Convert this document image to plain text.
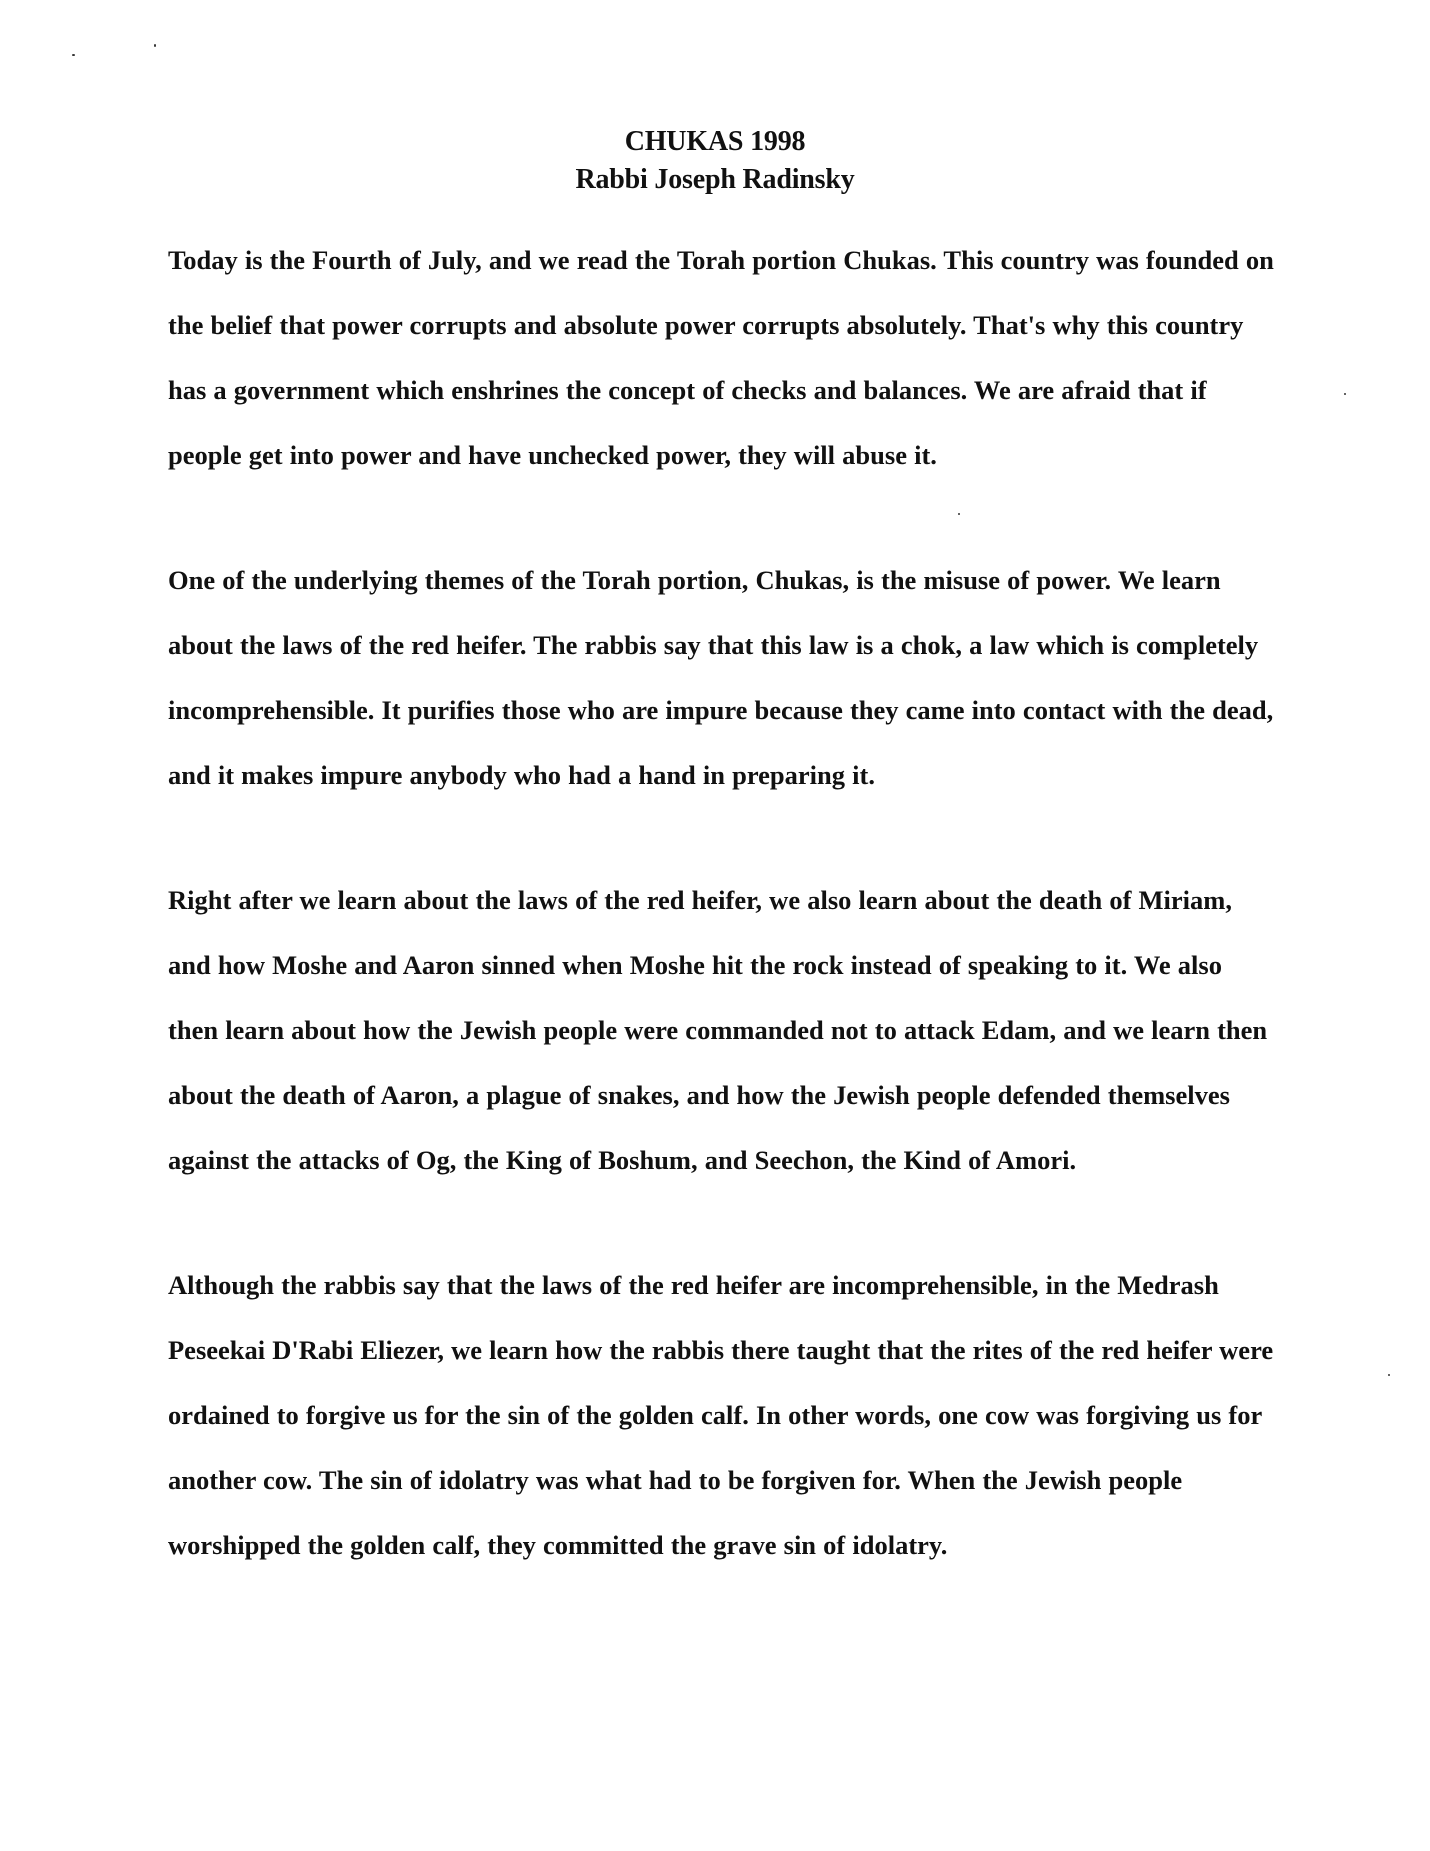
CHUKAS 1998
Rabbi Joseph Radinsky

Today is the Fourth of July, and we read the Torah portion Chukas. This country was founded on the belief that power corrupts and absolute power corrupts absolutely. That's why this country has a government which enshrines the concept of checks and balances. We are afraid that if people get into power and have unchecked power, they will abuse it.

One of the underlying themes of the Torah portion, Chukas, is the misuse of power. We learn about the laws of the red heifer. The rabbis say that this law is a chok, a law which is completely incomprehensible. It purifies those who are impure because they came into contact with the dead, and it makes impure anybody who had a hand in preparing it.

Right after we learn about the laws of the red heifer, we also learn about the death of Miriam, and how Moshe and Aaron sinned when Moshe hit the rock instead of speaking to it. We also then learn about how the Jewish people were commanded not to attack Edam, and we learn then about the death of Aaron, a plague of snakes, and how the Jewish people defended themselves against the attacks of Og, the King of Boshum, and Seechon, the Kind of Amori.

Although the rabbis say that the laws of the red heifer are incomprehensible, in the Medrash Peseekai D'Rabi Eliezer, we learn how the rabbis there taught that the rites of the red heifer were ordained to forgive us for the sin of the golden calf. In other words, one cow was forgiving us for another cow. The sin of idolatry was what had to be forgiven for. When the Jewish people worshipped the golden calf, they committed the grave sin of idolatry.
